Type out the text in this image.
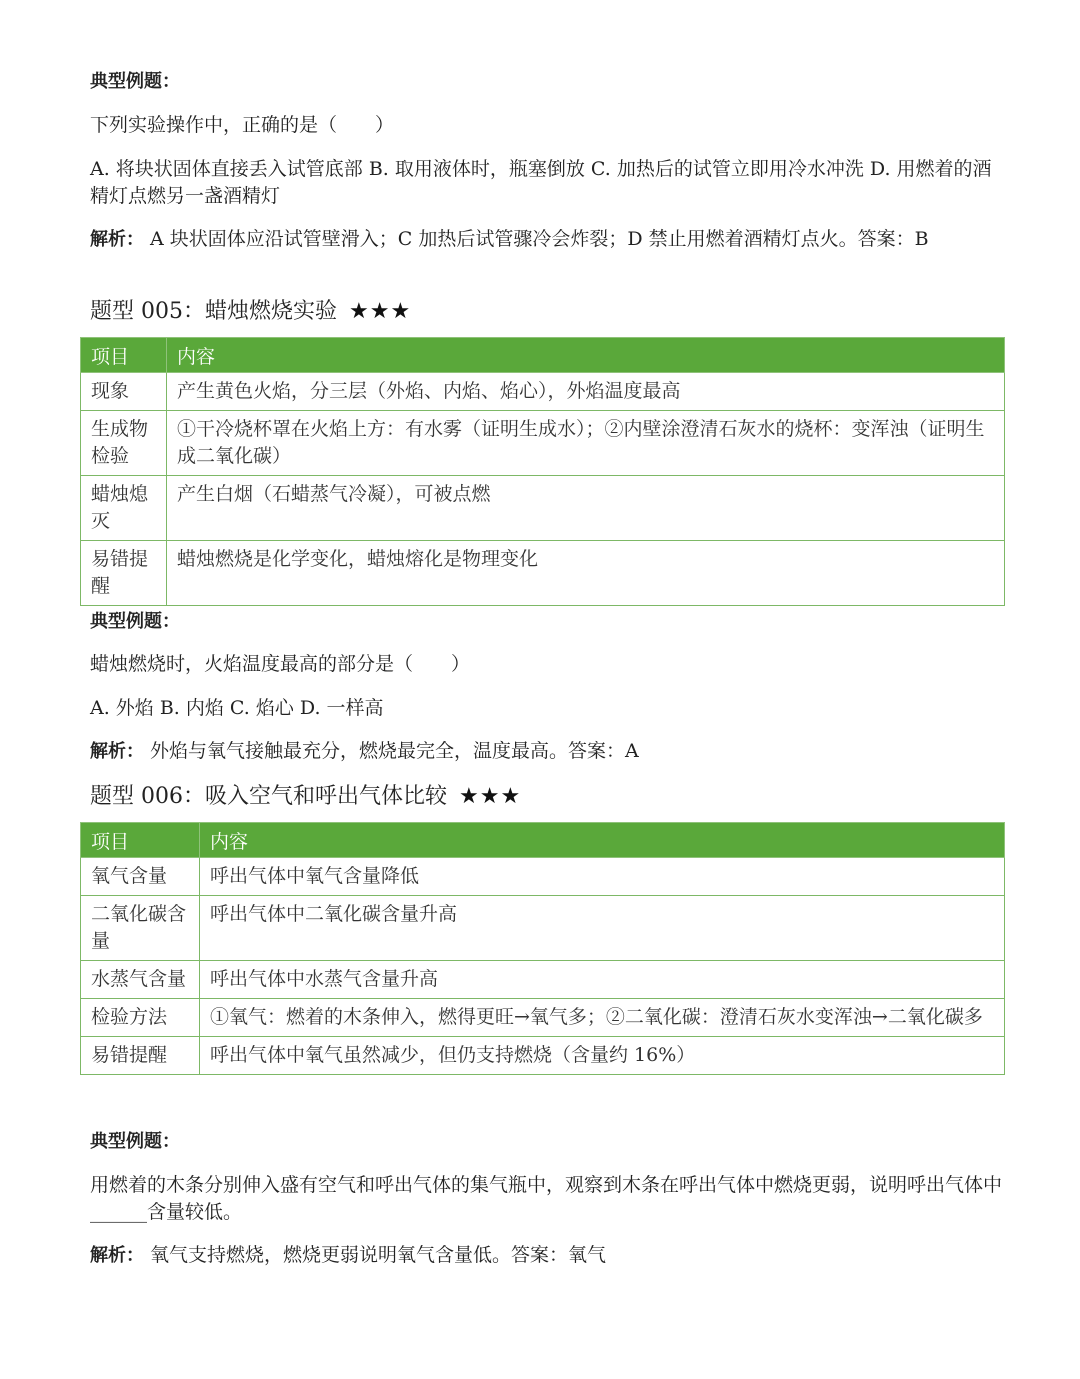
典型例题：
下列实验操作中，正确的是（　　）
A. 将块状固体直接丢入试管底部 B. 取用液体时，瓶塞倒放 C. 加热后的试管立即用冷水冲洗 D. 用燃着的酒精灯点燃另一盏酒精灯
解析： A 块状固体应沿试管壁滑入；C 加热后试管骤冷会炸裂；D 禁止用燃着酒精灯点火。答案：B
题型 005：蜡烛燃烧实验 ★★★
项目	内容
现象	产生黄色火焰，分三层（外焰、内焰、焰心），外焰温度最高
生成物检验	①干冷烧杯罩在火焰上方：有水雾（证明生成水）；②内壁涂澄清石灰水的烧杯：变浑浊（证明生成二氧化碳）
蜡烛熄灭	产生白烟（石蜡蒸气冷凝），可被点燃
易错提醒	蜡烛燃烧是化学变化，蜡烛熔化是物理变化
典型例题：
蜡烛燃烧时，火焰温度最高的部分是（　　）
A. 外焰 B. 内焰 C. 焰心 D. 一样高
解析： 外焰与氧气接触最充分，燃烧最完全，温度最高。答案：A
题型 006：吸入空气和呼出气体比较 ★★★
项目	内容
氧气含量	呼出气体中氧气含量降低
二氧化碳含量	呼出气体中二氧化碳含量升高
水蒸气含量	呼出气体中水蒸气含量升高
检验方法	①氧气：燃着的木条伸入，燃得更旺→氧气多；②二氧化碳：澄清石灰水变浑浊→二氧化碳多
易错提醒	呼出气体中氧气虽然减少，但仍支持燃烧（含量约 16%）
典型例题：
用燃着的木条分别伸入盛有空气和呼出气体的集气瓶中，观察到木条在呼出气体中燃烧更弱，说明呼出气体中______含量较低。
解析： 氧气支持燃烧，燃烧更弱说明氧气含量低。答案：氧气
